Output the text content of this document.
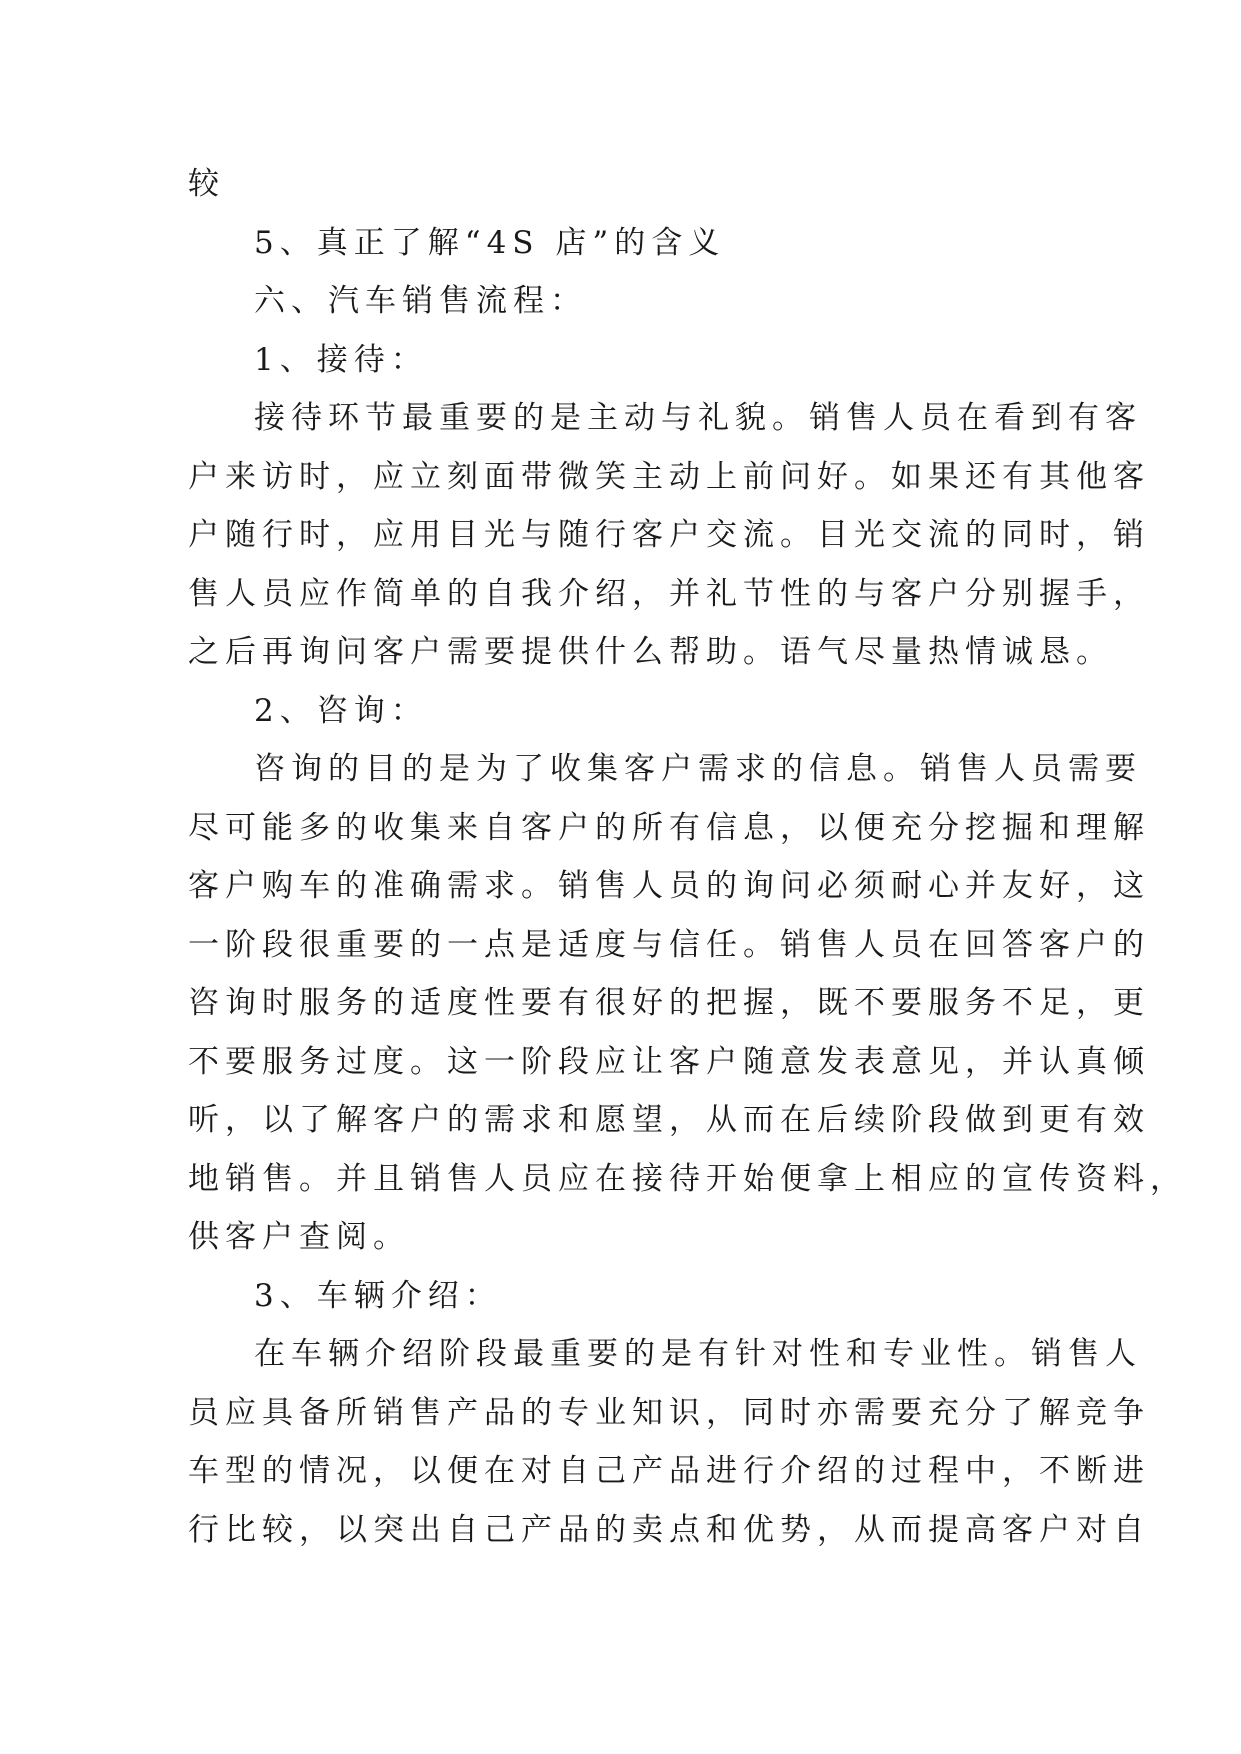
较
5、真正了解“4S 店”的含义
六、汽车销售流程：
1、接待：
接待环节最重要的是主动与礼貌。销售人员在看到有客
户来访时，应立刻面带微笑主动上前问好。如果还有其他客
户随行时，应用目光与随行客户交流。目光交流的同时，销
售人员应作简单的自我介绍，并礼节性的与客户分别握手，
之后再询问客户需要提供什么帮助。语气尽量热情诚恳。
2、咨询：
咨询的目的是为了收集客户需求的信息。销售人员需要
尽可能多的收集来自客户的所有信息，以便充分挖掘和理解
客户购车的准确需求。销售人员的询问必须耐心并友好，这
一阶段很重要的一点是适度与信任。销售人员在回答客户的
咨询时服务的适度性要有很好的把握，既不要服务不足，更
不要服务过度。这一阶段应让客户随意发表意见，并认真倾
听，以了解客户的需求和愿望，从而在后续阶段做到更有效
地销售。并且销售人员应在接待开始便拿上相应的宣传资料，
供客户查阅。
3、车辆介绍：
在车辆介绍阶段最重要的是有针对性和专业性。销售人
员应具备所销售产品的专业知识，同时亦需要充分了解竞争
车型的情况，以便在对自己产品进行介绍的过程中，不断进
行比较，以突出自己产品的卖点和优势，从而提高客户对自
